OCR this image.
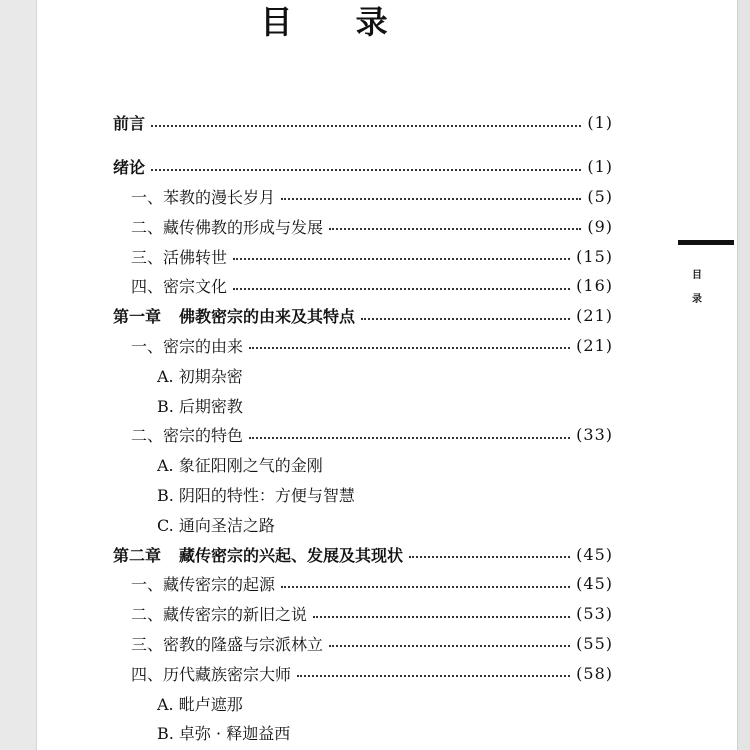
目 录
前言	(1)
绪论	(1)
一、苯教的漫长岁月	(5)
二、藏传佛教的形成与发展	(9)
三、活佛转世	(15)
四、密宗文化	(16)
第一章 佛教密宗的由来及其特点	(21)
一、密宗的由来	(21)
A. 初期杂密
B. 后期密教
二、密宗的特色	(33)
A. 象征阳刚之气的金刚
B. 阴阳的特性：方便与智慧
C. 通向圣洁之路
第二章 藏传密宗的兴起、发展及其现状	(45)
一、藏传密宗的起源	(45)
二、藏传密宗的新旧之说	(53)
三、密教的隆盛与宗派林立	(55)
四、历代藏族密宗大师	(58)
A. 毗卢遮那
B. 卓弥 · 释迦益西
目
录
